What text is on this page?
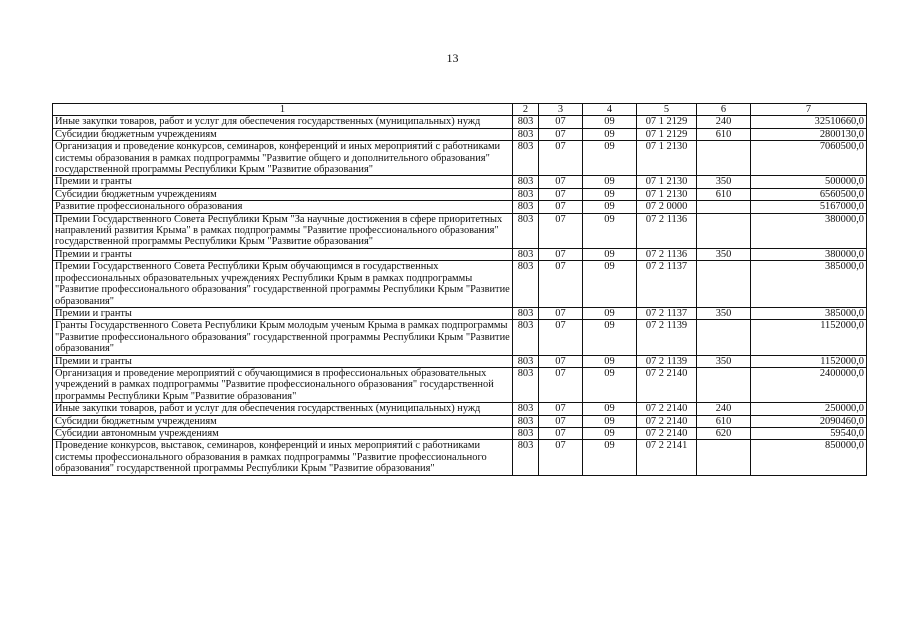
13
1	2	3	4	5	6	7
Иные закупки товаров, работ и услуг для обеспечения государственных (муниципальных) нужд	803	07	09	07 1 2129	240	32510660,0
Субсидии бюджетным учреждениям	803	07	09	07 1 2129	610	2800130,0
Организация и проведение конкурсов, семинаров, конференций и иных мероприятий с работниками системы образования в рамках подпрограммы "Развитие общего и дополнительного образования" государственной программы Республики Крым "Развитие образования"	803	07	09	07 1 2130		7060500,0
Премии и гранты	803	07	09	07 1 2130	350	500000,0
Субсидии бюджетным учреждениям	803	07	09	07 1 2130	610	6560500,0
Развитие профессионального образования	803	07	09	07 2 0000		5167000,0
Премии Государственного Совета Республики Крым "За научные достижения в сфере приоритетных направлений развития Крыма" в рамках подпрограммы "Развитие профессионального образования" государственной программы Республики Крым "Развитие образования"	803	07	09	07 2 1136		380000,0
Премии и гранты	803	07	09	07 2 1136	350	380000,0
Премии Государственного Совета Республики Крым обучающимся в государственных профессиональных образовательных учреждениях Республики Крым в рамках подпрограммы "Развитие профессионального образования" государственной программы Республики Крым "Развитие образования"	803	07	09	07 2 1137		385000,0
Премии и гранты	803	07	09	07 2 1137	350	385000,0
Гранты Государственного Совета Республики Крым молодым ученым Крыма в рамках подпрограммы "Развитие профессионального образования" государственной программы Республики Крым "Развитие образования"	803	07	09	07 2 1139		1152000,0
Премии и гранты	803	07	09	07 2 1139	350	1152000,0
Организация и проведение мероприятий с обучающимися в профессиональных образовательных учреждений в рамках подпрограммы "Развитие профессионального образования" государственной программы Республики Крым "Развитие образования"	803	07	09	07 2 2140		2400000,0
Иные закупки товаров, работ и услуг для обеспечения государственных (муниципальных) нужд	803	07	09	07 2 2140	240	250000,0
Субсидии бюджетным учреждениям	803	07	09	07 2 2140	610	2090460,0
Субсидии автономным учреждениям	803	07	09	07 2 2140	620	59540,0
Проведение конкурсов, выставок, семинаров, конференций и иных мероприятий с работниками системы профессионального образования в рамках подпрограммы "Развитие профессионального образования" государственной программы Республики Крым "Развитие образования"	803	07	09	07 2 2141		850000,0
